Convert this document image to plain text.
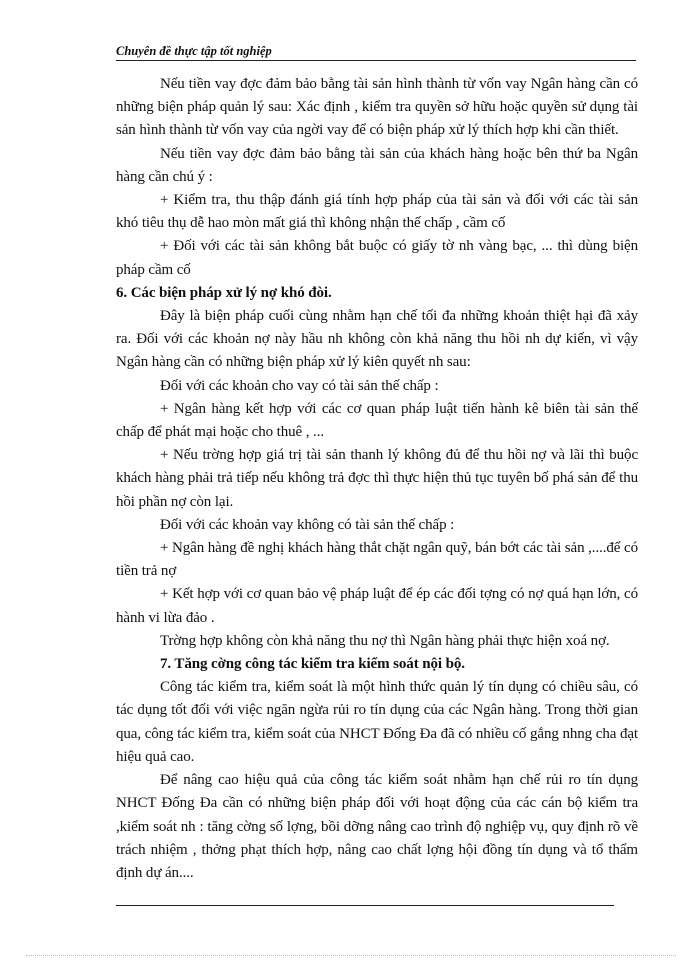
Chuyên đề thực tập tốt nghiệp

Nếu tiền vay đợc đảm bảo bằng tài sản hình thành từ vốn vay Ngân hàng cần có những biện pháp quản lý sau: Xác định , kiểm tra quyền sở hữu hoặc quyền sử dụng tài sản hình thành từ vốn vay của ngời vay để có biện pháp xử lý thích hợp khi cần thiết.

Nếu tiền vay đợc đảm bảo bằng tài sản của khách hàng hoặc bên thứ ba Ngân hàng cần chú ý :

+ Kiểm tra, thu thập đánh giá tính hợp pháp của tài sản và đối với các tài sản khó tiêu thụ dễ hao mòn mất giá thì không nhận thế chấp , cầm cố

+ Đối với các tài sản không bắt buộc có giấy tờ nh vàng bạc, ... thì dùng biện pháp cầm cố

6. Các biện pháp xử lý nợ khó đòi.

Đây là biện pháp cuối cùng nhằm hạn chế tối đa những khoản thiệt hại đã xảy ra. Đối với các khoản nợ này hầu nh không còn khả năng thu hồi nh dự kiến, vì vậy Ngân hàng cần có những biện pháp xử lý kiên quyết nh sau:

Đối với các khoản cho vay có tài sản thế chấp :

+ Ngân hàng kết hợp với các cơ quan pháp luật tiến hành kê biên tài sản thế chấp để phát mại hoặc cho thuê , ...

+ Nếu trờng hợp giá trị tài sản thanh lý không đủ để thu hồi nợ và lãi thì buộc khách hàng phải trả tiếp nếu không trả đợc thì thực hiện thủ tục tuyên bố phá sản để thu hồi phần nợ còn lại.

Đối với các khoản vay không có tài sản thế chấp :

+ Ngân hàng đề nghị khách hàng thắt chặt ngân quỹ, bán bớt các tài sản ,....để có tiền trả nợ

+ Kết hợp với cơ quan bảo vệ pháp luật để ép các đối tợng có nợ quá hạn lớn, có hành vi lừa đảo .

Trờng hợp không còn khả năng thu nợ thì Ngân hàng phải thực hiện xoá nợ.

7. Tăng cờng công tác kiểm tra kiểm soát nội bộ.

Công tác kiểm tra, kiểm soát là một hình thức quản lý tín dụng có chiều sâu, có tác dụng tốt đối với việc ngăn ngừa rủi ro tín dụng của các Ngân hàng. Trong thời gian qua, công tác kiểm tra, kiểm soát của NHCT Đống Đa đã có nhiều cố gắng nhng cha đạt hiệu quả cao.

Để nâng cao hiệu quả của công tác kiểm soát nhằm hạn chế rủi ro tín dụng NHCT Đống Đa cần có những biện pháp đối với hoạt động của các cán bộ kiểm tra ,kiểm soát nh : tăng cờng số lợng, bồi dỡng nâng cao trình độ nghiệp vụ, quy định rõ về trách nhiệm , thởng phạt thích hợp, nâng cao chất lợng hội đồng tín dụng và tổ thẩm định dự án....
